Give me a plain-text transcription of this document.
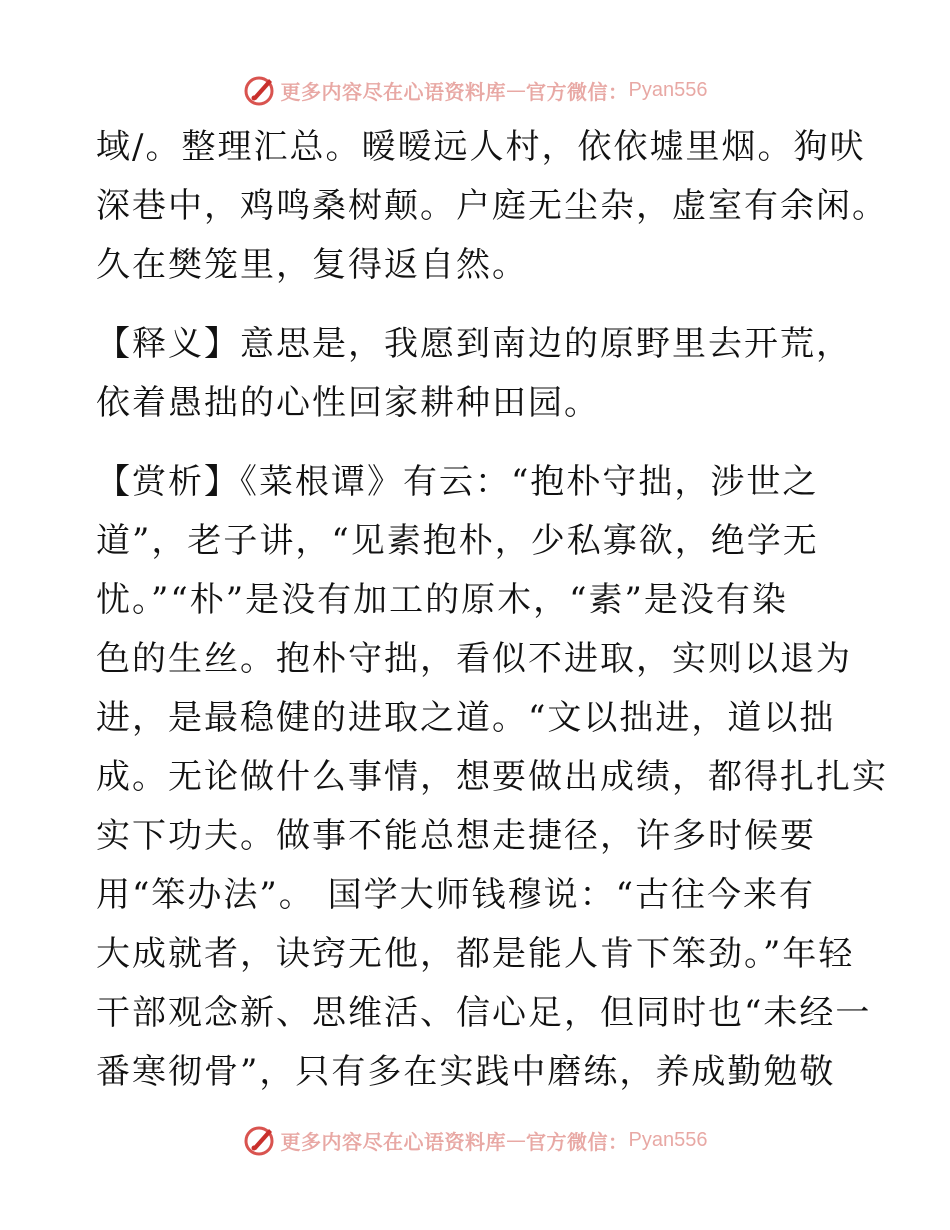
更多内容尽在心语资料库 — 官方微信： Pyan556
域/。整理汇总。暧暧远人村，依依墟里烟。狗吠
深巷中，鸡鸣桑树颠。户庭无尘杂，虚室有余闲。
久在樊笼里，复得返自然。
【释义】意思是，我愿到南边的原野里去开荒，
依着愚拙的心性回家耕种田园。
【赏析】《菜根谭》有云：“抱朴守拙，涉世之
道”，老子讲，“见素抱朴，少私寡欲，绝学无
忧。”“朴”是没有加工的原木，“素”是没有染
色的生丝。抱朴守拙，看似不进取，实则以退为
进，是最稳健的进取之道。“文以拙进，道以拙
成。无论做什么事情，想要做出成绩，都得扎扎实
实下功夫。做事不能总想走捷径，许多时候要
用“笨办法”。 国学大师钱穆说：“古往今来有
大成就者，诀窍无他，都是能人肯下笨劲。”年轻
干部观念新、思维活、信心足，但同时也“未经一
番寒彻骨”，只有多在实践中磨练，养成勤勉敬
更多内容尽在心语资料库 — 官方微信： Pyan556
